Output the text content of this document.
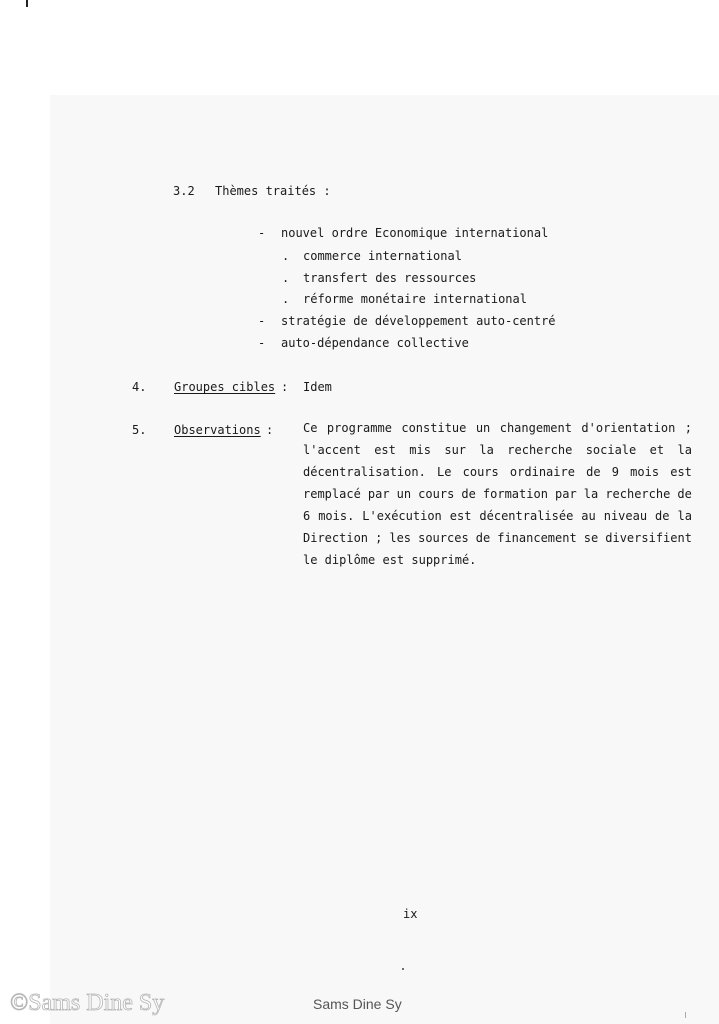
3.2 Thèmes traités :
- nouvel ordre Economique international
. commerce international
. transfert des ressources
. réforme monétaire international
- stratégie de développement auto-centré
- auto-dépendance collective
4. Groupes cibles : Idem
5. Observations : Ce programme constitue un changement d'orientation ;
l'accent est mis sur la recherche sociale et la
décentralisation. Le cours ordinaire de 9 mois est
remplacé par un cours de formation par la recherche de
6 mois. L'exécution est décentralisée au niveau de la
Direction ; les sources de financement se diversifient
le diplôme est supprimé.
ix
©Sams Dine Sy	Sams Dine Sy
